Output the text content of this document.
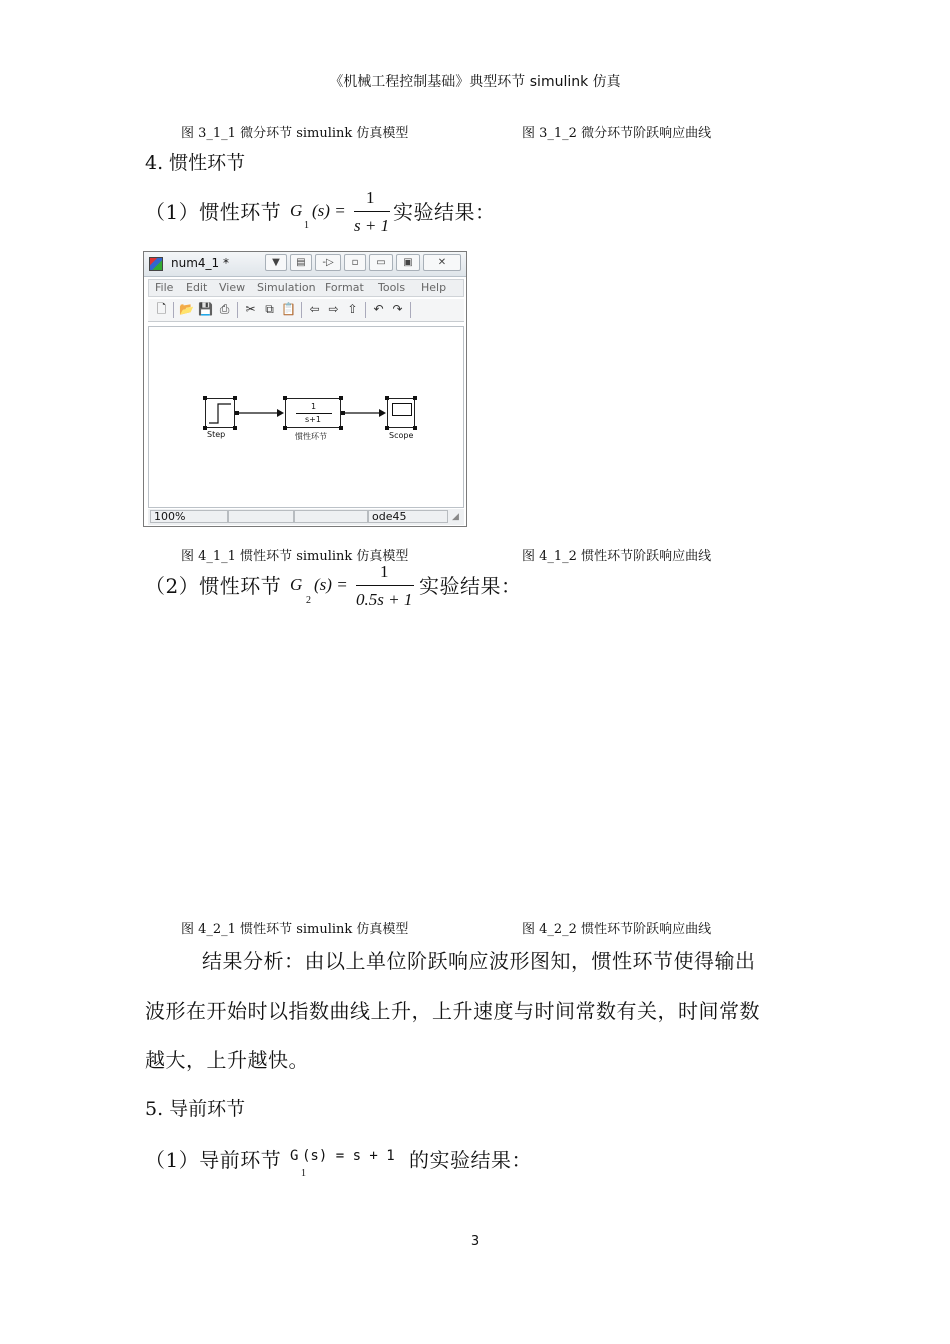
《机械工程控制基础》典型环节 simulink 仿真
图 3_1_1 微分环节 simulink 仿真模型	图 3_1_2 微分环节阶跃响应曲线
4. 惯性环节
（1）惯性环节 G
1
(s) =
1
s + 1
实验结果：
num4_1 *	▼	▤	-▷	▫	▭	▣	✕
File Edit View Simulation Format Tools Help
🗋 📂 💾 ⎙ ✂ ⧉ 📋 ⇦ ⇨ ⇧ ↶ ↷
Step
1
s+1
惯性环节	Scope
100%	ode45	◢
图 4_1_1 惯性环节 simulink 仿真模型	图 4_1_2 惯性环节阶跃响应曲线
（2）惯性环节 G
2
(s) =
1
0.5s + 1
实验结果：
图 4_2_1 惯性环节 simulink 仿真模型	图 4_2_2 惯性环节阶跃响应曲线
结果分析：由以上单位阶跃响应波形图知，惯性环节使得输出
波形在开始时以指数曲线上升，上升速度与时间常数有关，时间常数
越大，上升越快。
5. 导前环节
（1）导前环节 G
1
(s) = s + 1 的实验结果：
3
